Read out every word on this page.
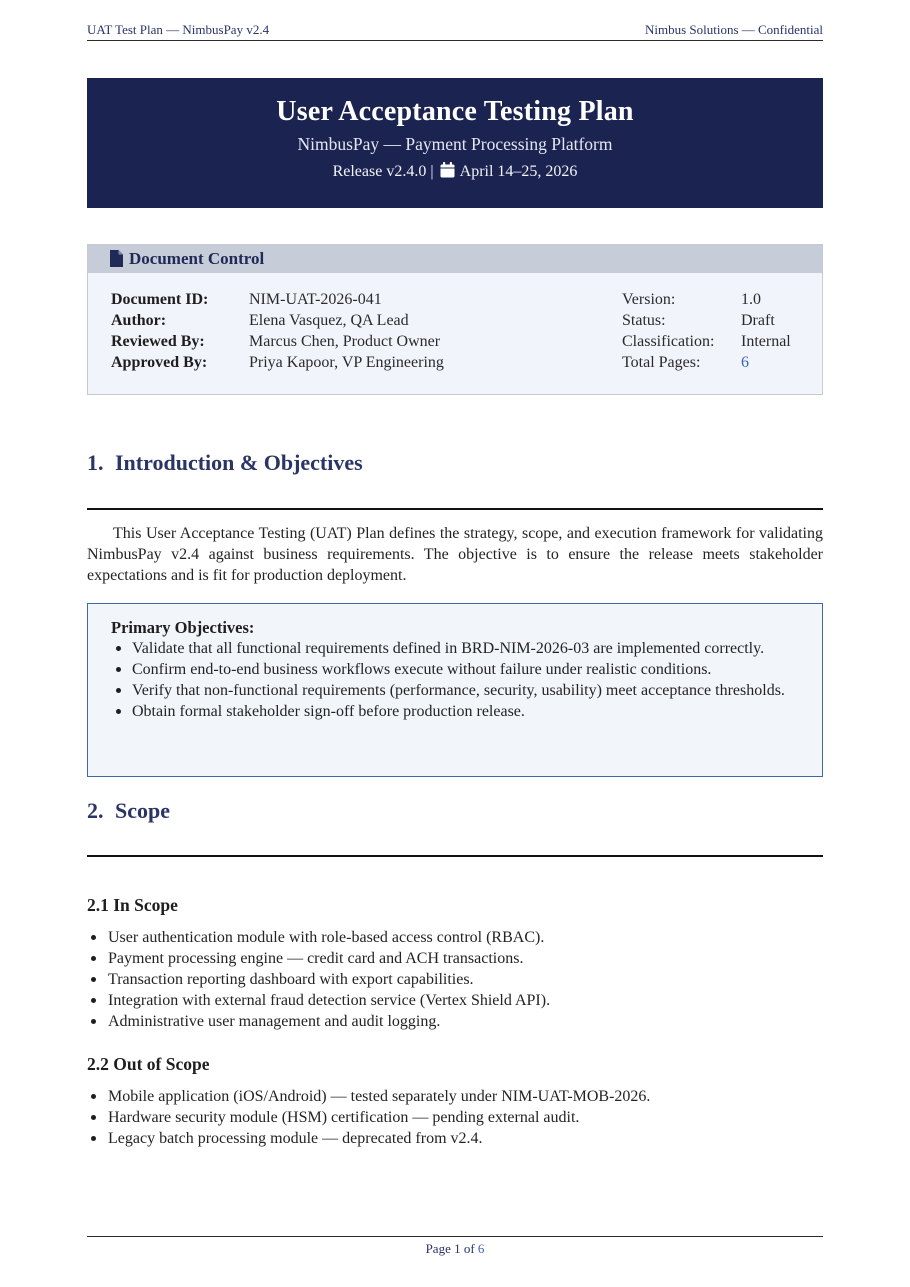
UAT Test Plan — NimbusPay v2.4	Nimbus Solutions — Confidential
User Acceptance Testing Plan
NimbusPay — Payment Processing Platform
Release v2.4.0 | April 14–25, 2026
Document Control
Document ID:	NIM-UAT-2026-041	Version:	1.0
Author:	Elena Vasquez, QA Lead	Status:	Draft
Reviewed By:	Marcus Chen, Product Owner	Classification: Internal
Approved By:	Priya Kapoor, VP Engineering	Total Pages:	6
1. Introduction & Objectives
This User Acceptance Testing (UAT) Plan defines the strategy, scope, and execution framework for validating NimbusPay v2.4 against business requirements. The objective is to ensure the release meets stakeholder expectations and is fit for production deployment.
Primary Objectives:
Validate that all functional requirements defined in BRD-NIM-2026-03 are implemented correctly.
Confirm end-to-end business workflows execute without failure under realistic conditions.
Verify that non-functional requirements (performance, security, usability) meet acceptance thresholds.
Obtain formal stakeholder sign-off before production release.
2. Scope
2.1 In Scope
User authentication module with role-based access control (RBAC).
Payment processing engine — credit card and ACH transactions.
Transaction reporting dashboard with export capabilities.
Integration with external fraud detection service (Vertex Shield API).
Administrative user management and audit logging.
2.2 Out of Scope
Mobile application (iOS/Android) — tested separately under NIM-UAT-MOB-2026.
Hardware security module (HSM) certification — pending external audit.
Legacy batch processing module — deprecated from v2.4.
Page 1 of 6
